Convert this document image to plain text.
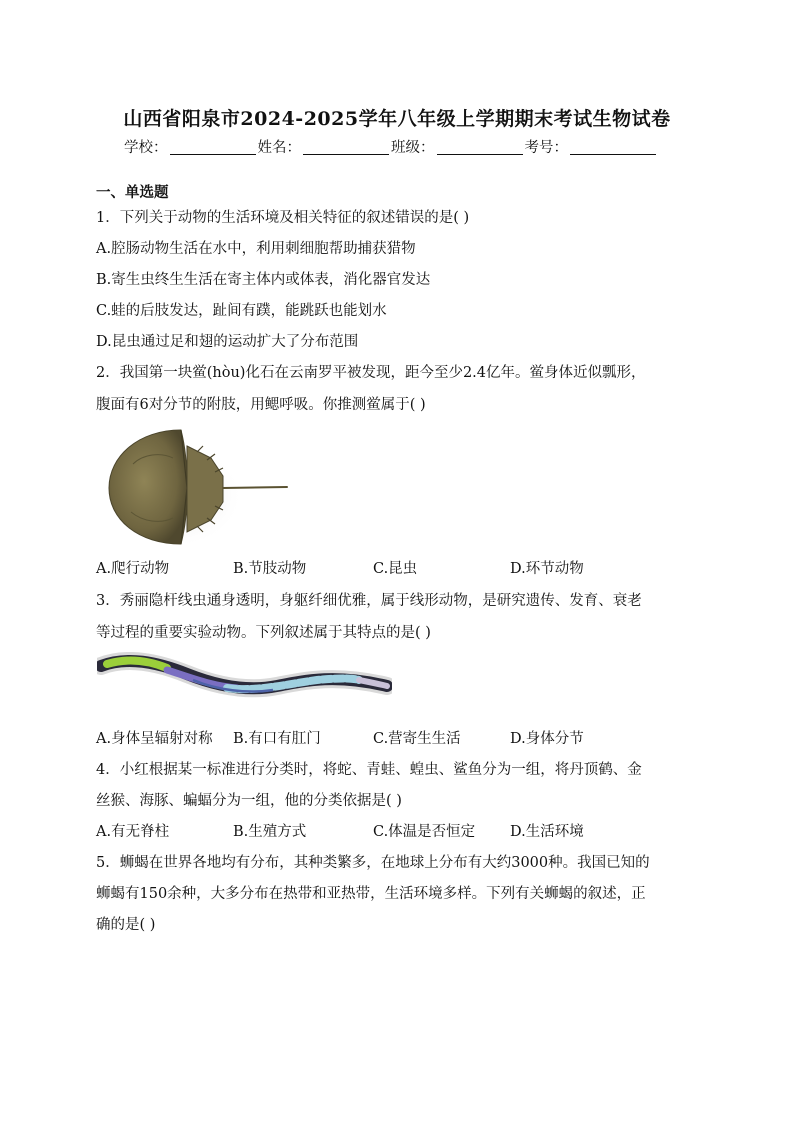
山西省阳泉市2024-2025学年八年级上学期期末考试生物试卷
学校：	姓名：	班级：	考号：
一、单选题
1．下列关于动物的生活环境及相关特征的叙述错误的是( )
A.腔肠动物生活在水中，利用刺细胞帮助捕获猎物
B.寄生虫终生生活在寄主体内或体表，消化器官发达
C.蛙的后肢发达，趾间有蹼，能跳跃也能划水
D.昆虫通过足和翅的运动扩大了分布范围
2．我国第一块鲎(hòu)化石在云南罗平被发现，距今至少2.4亿年。鲎身体近似瓢形，
腹面有6对分节的附肢，用鳃呼吸。你推测鲎属于( )
A.爬行动物	B.节肢动物	C.昆虫	D.环节动物
3．秀丽隐杆线虫通身透明，身躯纤细优雅，属于线形动物，是研究遗传、发育、衰老
等过程的重要实验动物。下列叙述属于其特点的是( )
A.身体呈辐射对称 B.有口有肛门	C.营寄生生活	D.身体分节
4．小红根据某一标准进行分类时，将蛇、青蛙、蝗虫、鲨鱼分为一组，将丹顶鹤、金
丝猴、海豚、蝙蝠分为一组，他的分类依据是( )
A.有无脊柱	B.生殖方式	C.体温是否恒定 D.生活环境
5．蛳蝎在世界各地均有分布，其种类繁多，在地球上分布有大约3000种。我国已知的
蛳蝎有150余种，大多分布在热带和亚热带，生活环境多样。下列有关蛳蝎的叙述，正
确的是( )
